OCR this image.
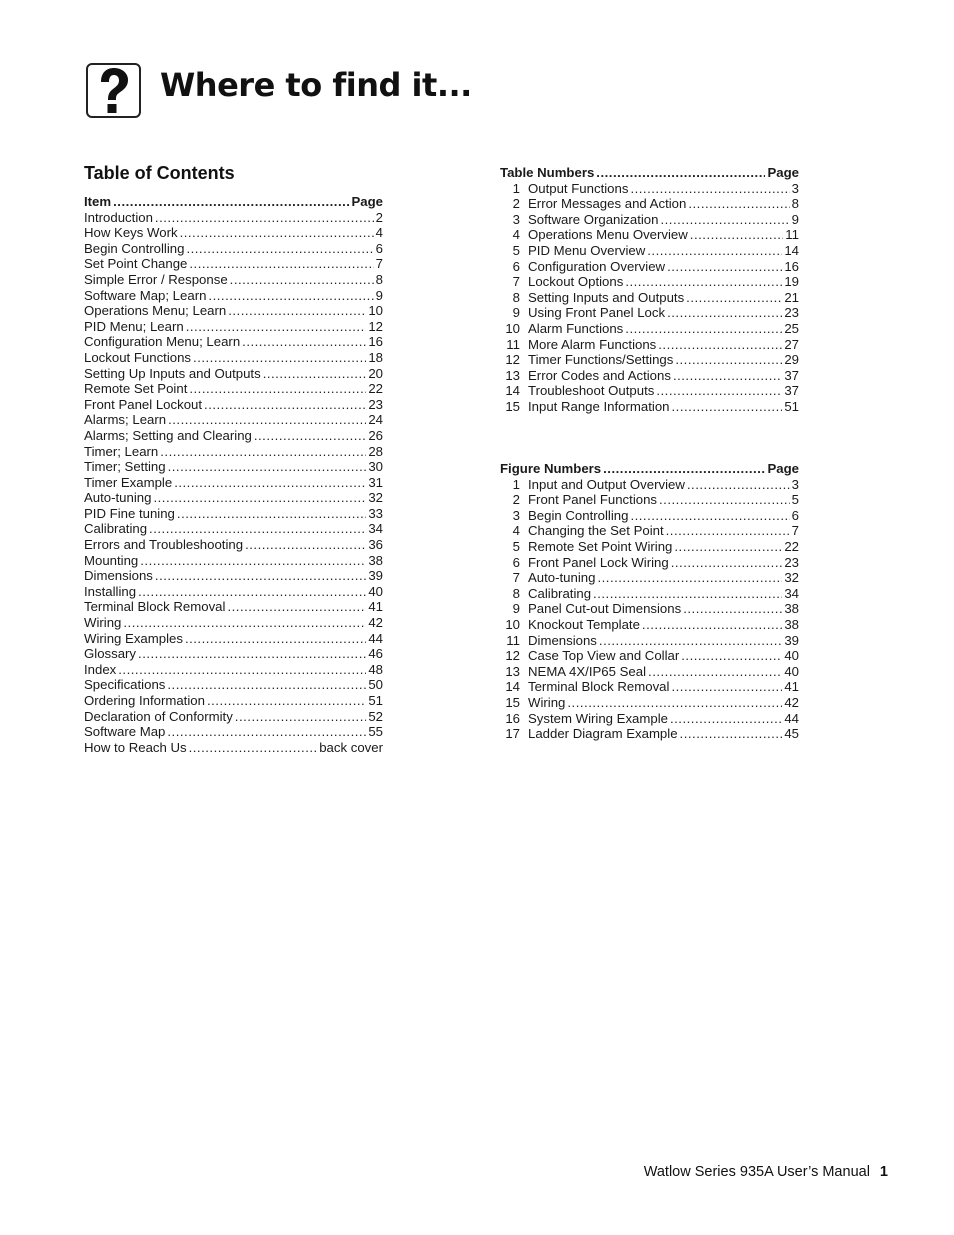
Where to find it...
Table of Contents
Item .....	Page
Introduction .....	2
How Keys Work .....	4
Begin Controlling .....	6
Set Point Change .....	7
Simple Error / Response .....	8
Software Map; Learn .....	9
Operations Menu; Learn .....	10
PID Menu; Learn .....	12
Configuration Menu; Learn .....	16
Lockout Functions .....	18
Setting Up Inputs and Outputs .....	20
Remote Set Point .....	22
Front Panel Lockout .....	23
Alarms; Learn .....	24
Alarms; Setting and Clearing .....	26
Timer; Learn .....	28
Timer; Setting .....	30
Timer Example .....	31
Auto-tuning .....	32
PID Fine tuning .....	33
Calibrating .....	34
Errors and Troubleshooting .....	36
Mounting .....	38
Dimensions .....	39
Installing .....	40
Terminal Block Removal .....	41
Wiring .....	42
Wiring Examples .....	44
Glossary .....	46
Index .....	48
Specifications .....	50
Ordering Information .....	51
Declaration of Conformity .....	52
Software Map .....	55
How to Reach Us .....	back cover
Table Numbers .....	Page
1 Output Functions .....	3
2 Error Messages and Action .....	8
3 Software Organization .....	9
4 Operations Menu Overview .....	11
5 PID Menu Overview .....	14
6 Configuration Overview .....	16
7 Lockout Options .....	19
8 Setting Inputs and Outputs .....	21
9 Using Front Panel Lock .....	23
10 Alarm Functions .....	25
11 More Alarm Functions .....	27
12 Timer Functions/Settings .....	29
13 Error Codes and Actions .....	37
14 Troubleshoot Outputs .....	37
15 Input Range Information .....	51
Figure Numbers .....	Page
1 Input and Output Overview .....	3
2 Front Panel Functions .....	5
3 Begin Controlling .....	6
4 Changing the Set Point .....	7
5 Remote Set Point Wiring .....	22
6 Front Panel Lock Wiring .....	23
7 Auto-tuning .....	32
8 Calibrating .....	34
9 Panel Cut-out Dimensions .....	38
10 Knockout Template .....	38
11 Dimensions .....	39
12 Case Top View and Collar .....	40
13 NEMA 4X/IP65 Seal .....	40
14 Terminal Block Removal .....	41
15 Wiring .....	42
16 System Wiring Example .....	44
17 Ladder Diagram Example .....	45
Watlow Series 935A User’s Manual 1
